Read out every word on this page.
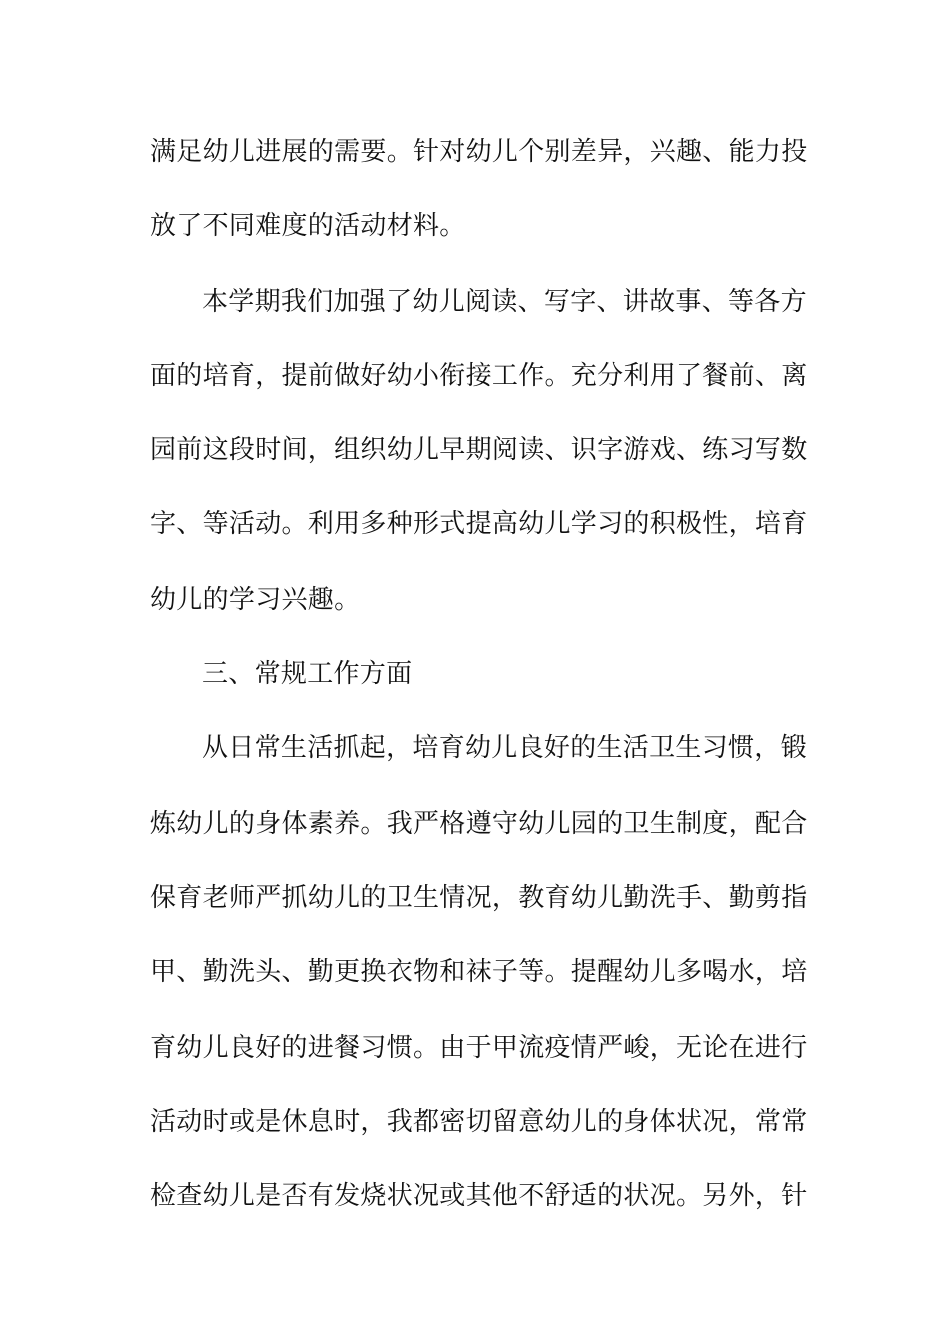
满足幼儿进展的需要。针对幼儿个别差异，兴趣、能力投
放了不同难度的活动材料。
本学期我们加强了幼儿阅读、写字、讲故事、等各方
面的培育，提前做好幼小衔接工作。充分利用了餐前、离
园前这段时间，组织幼儿早期阅读、识字游戏、练习写数
字、等活动。利用多种形式提高幼儿学习的积极性，培育
幼儿的学习兴趣。
三、常规工作方面
从日常生活抓起，培育幼儿良好的生活卫生习惯，锻
炼幼儿的身体素养。我严格遵守幼儿园的卫生制度，配合
保育老师严抓幼儿的卫生情况，教育幼儿勤洗手、勤剪指
甲、勤洗头、勤更换衣物和袜子等。提醒幼儿多喝水，培
育幼儿良好的进餐习惯。由于甲流疫情严峻，无论在进行
活动时或是休息时，我都密切留意幼儿的身体状况，常常
检查幼儿是否有发烧状况或其他不舒适的状况。另外，针
